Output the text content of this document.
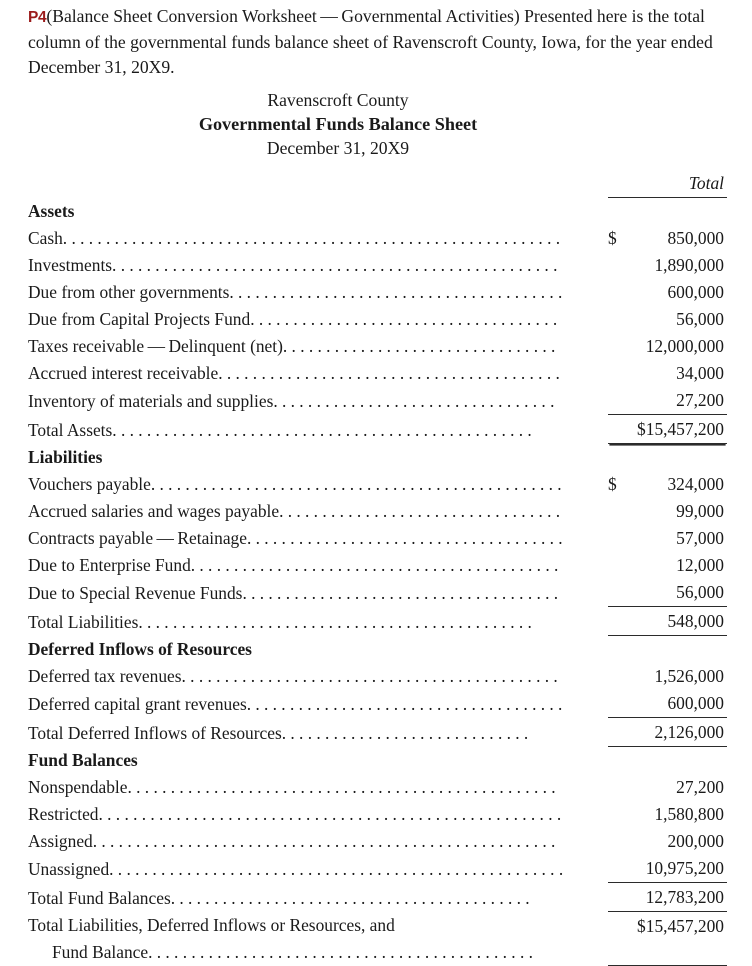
P4(Balance Sheet Conversion Worksheet — Governmental Activities) Presented here is the total column of the governmental funds balance sheet of Ravenscroft County, Iowa, for the year ended December 31, 20X9.

Ravenscroft County
Governmental Funds Balance Sheet
December 31, 20X9
	Total
Assets	
Cash..........................................................	$ 850,000
Investments....................................................	1,890,000
Due from other governments.......................................	600,000
Due from Capital Projects Fund....................................	56,000
Taxes receivable — Delinquent (net)................................	12,000,000
Accrued interest receivable........................................	34,000
Inventory of materials and supplies.................................	27,200
Total Assets.................................................	$15,457,200
Liabilities	
Vouchers payable................................................	$ 324,000
Accrued salaries and wages payable.................................	99,000
Contracts payable — Retainage.....................................	57,000
Due to Enterprise Fund...........................................	12,000
Due to Special Revenue Funds.....................................	56,000
Total Liabilities..............................................	548,000
Deferred Inflows of Resources	
Deferred tax revenues............................................	1,526,000
Deferred capital grant revenues.....................................	600,000
Total Deferred Inflows of Resources.............................	2,126,000
Fund Balances	
Nonspendable..................................................	27,200
Restricted......................................................	1,580,800
Assigned......................................................	200,000
Unassigned.....................................................	10,975,200
Total Fund Balances..........................................	12,783,200

Total Liabilities, Deferred Inflows or Resources, and
Fund Balance.............................................	$15,457,200
